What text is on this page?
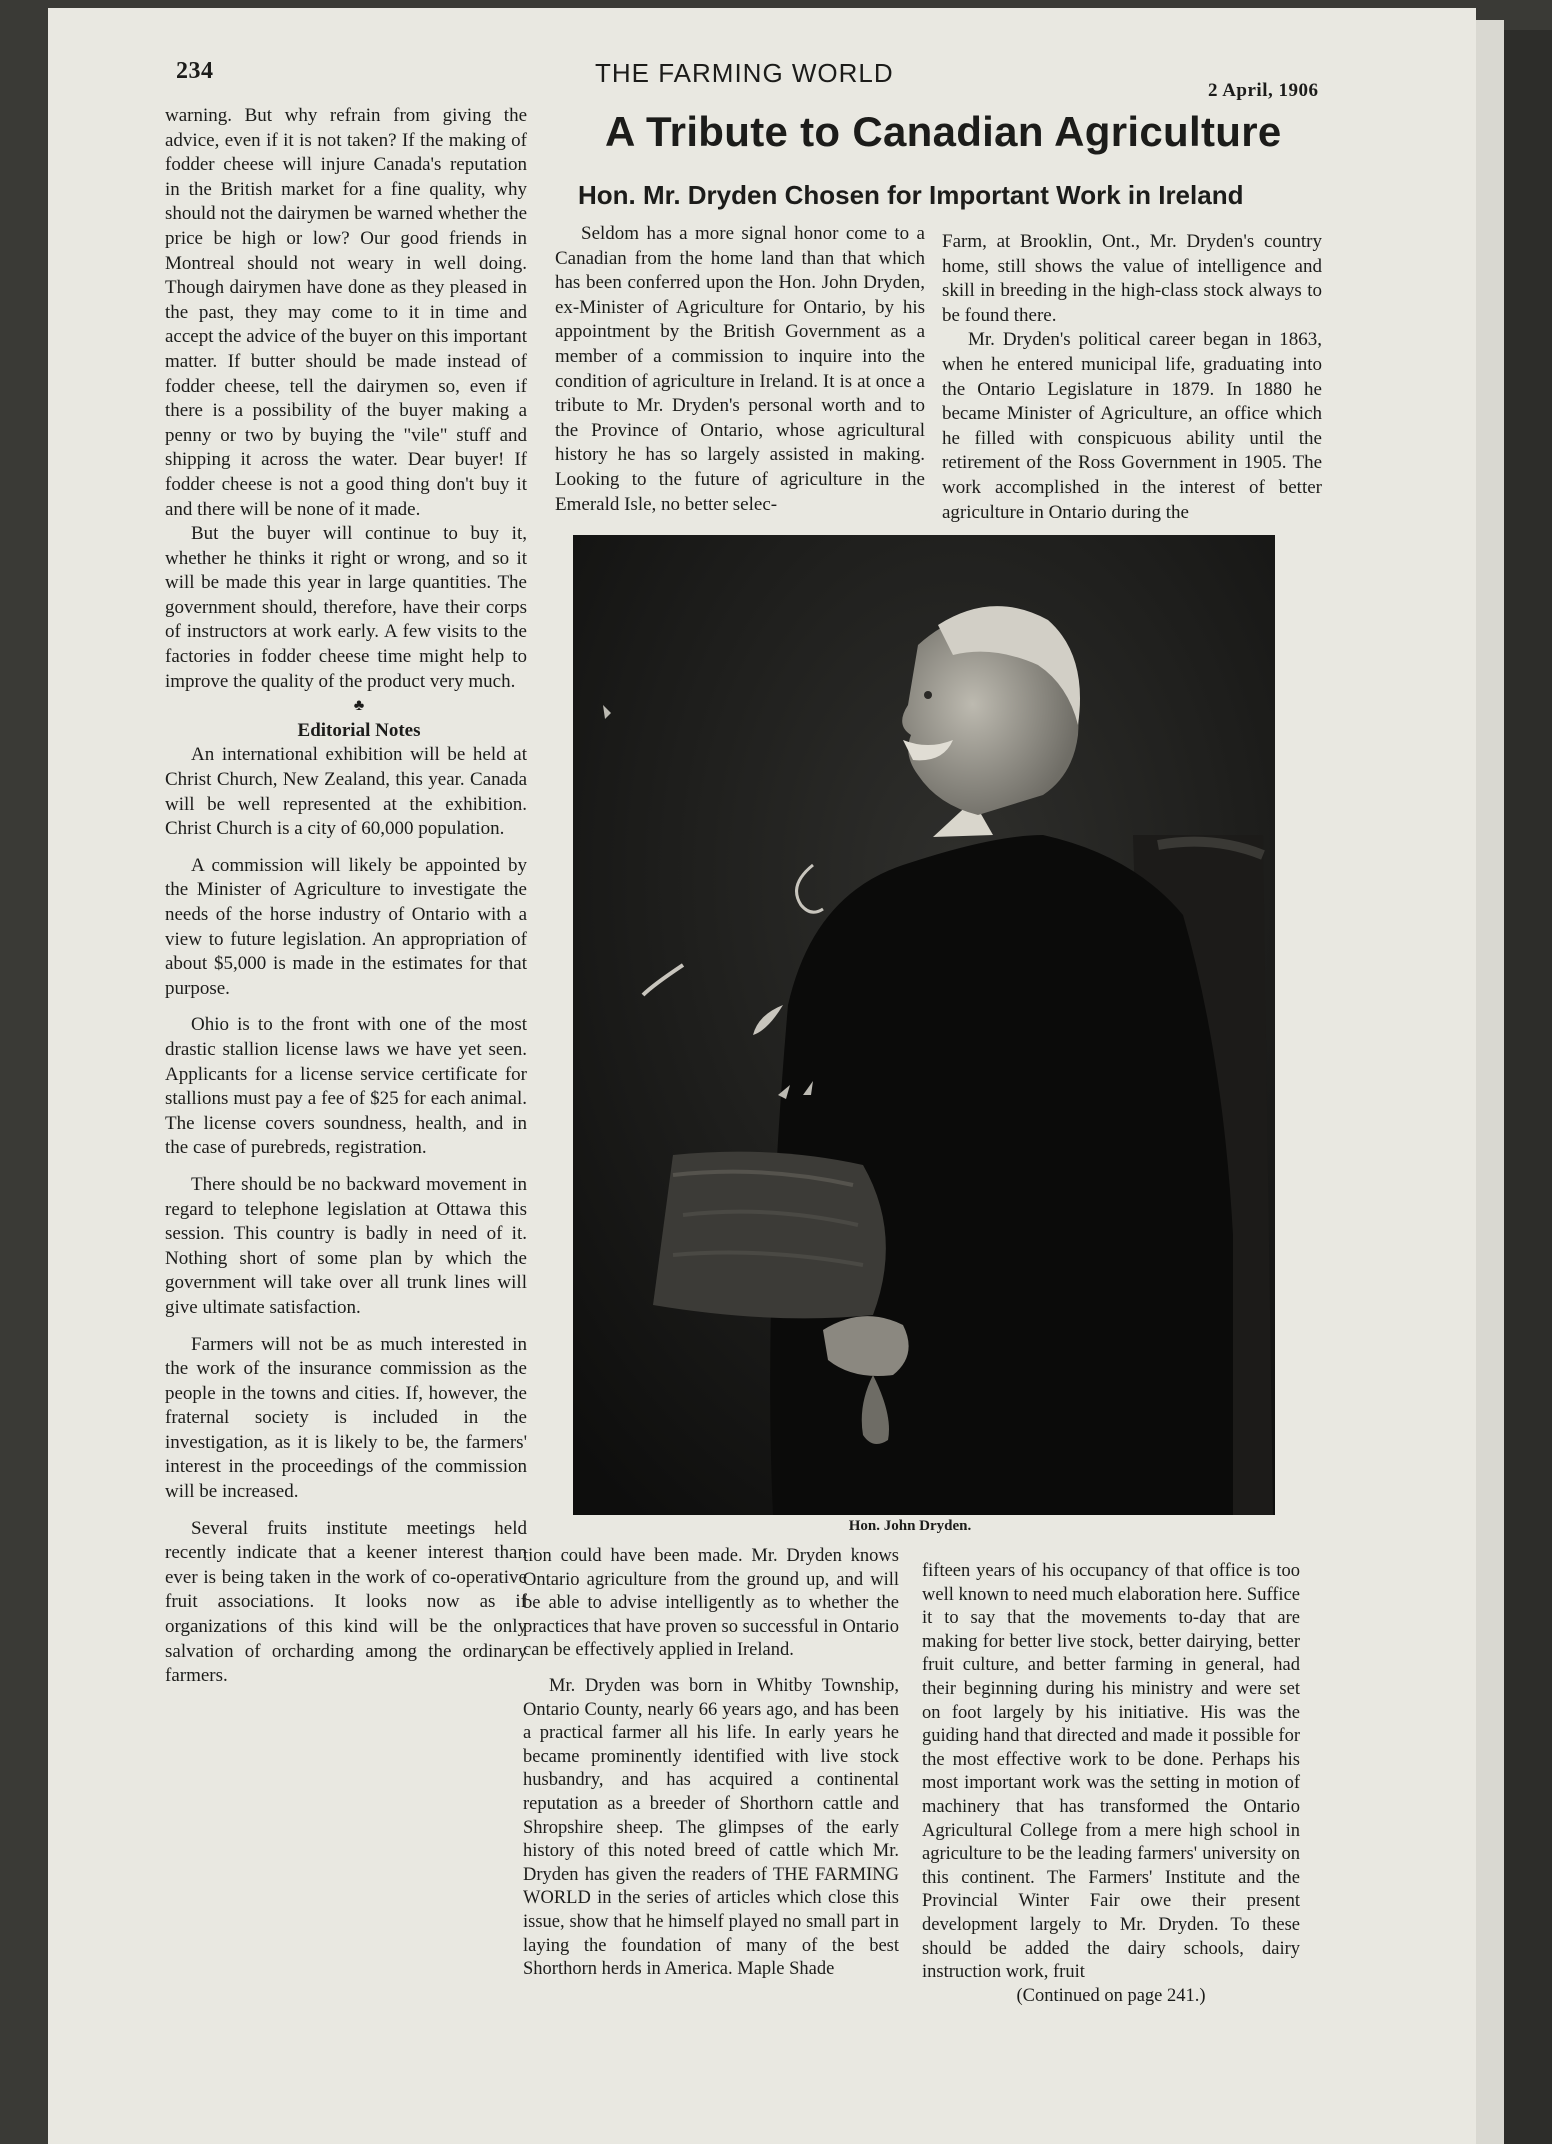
234	THE FARMING WORLD
2 April, 1906
A Tribute to Canadian Agriculture
Hon. Mr. Dryden Chosen for Important Work in Ireland

warning. But why refrain from giving the advice, even if it is not taken? If the making of fodder cheese will injure Canada's reputation in the British market for a fine quality, why should not the dairymen be warned whether the price be high or low? Our good friends in Montreal should not weary in well doing. Though dairymen have done as they pleased in the past, they may come to it in time and accept the advice of the buyer on this important matter. If butter should be made instead of fodder cheese, tell the dairymen so, even if there is a possibility of the buyer making a penny or two by buying the "vile" stuff and shipping it across the water. Dear buyer! If fodder cheese is not a good thing don't buy it and there will be none of it made.

But the buyer will continue to buy it, whether he thinks it right or wrong, and so it will be made this year in large quantities. The government should, therefore, have their corps of instructors at work early. A few visits to the factories in fodder cheese time might help to improve the quality of the product very much.

♣

Editorial Notes

An international exhibition will be held at Christ Church, New Zealand, this year. Canada will be well represented at the exhibition. Christ Church is a city of 60,000 population.

A commission will likely be appointed by the Minister of Agriculture to investigate the needs of the horse industry of Ontario with a view to future legislation. An appropriation of about $5,000 is made in the estimates for that purpose.

Ohio is to the front with one of the most drastic stallion license laws we have yet seen. Applicants for a license service certificate for stallions must pay a fee of $25 for each animal. The license covers soundness, health, and in the case of purebreds, registration.

There should be no backward movement in regard to telephone legislation at Ottawa this session. This country is badly in need of it. Nothing short of some plan by which the government will take over all trunk lines will give ultimate satisfaction.

Farmers will not be as much interested in the work of the insurance commission as the people in the towns and cities. If, however, the fraternal society is included in the investigation, as it is likely to be, the farmers' interest in the proceedings of the commission will be increased.

Several fruits institute meetings held recently indicate that a keener interest than ever is being taken in the work of co-operative fruit associations. It looks now as if organizations of this kind will be the only salvation of orcharding among the ordinary farmers.

Seldom has a more signal honor come to a Canadian from the home land than that which has been conferred upon the Hon. John Dryden, ex-Minister of Agriculture for Ontario, by his appointment by the British Government as a member of a commission to inquire into the condition of agriculture in Ireland. It is at once a tribute to Mr. Dryden's personal worth and to the Province of Ontario, whose agricultural history he has so largely assisted in making. Looking to the future of agriculture in the Emerald Isle, no better selec-

Farm, at Brooklin, Ont., Mr. Dryden's country home, still shows the value of intelligence and skill in breeding in the high-class stock always to be found there.

Mr. Dryden's political career began in 1863, when he entered municipal life, graduating into the Ontario Legislature in 1879. In 1880 he became Minister of Agriculture, an office which he filled with conspicuous ability until the retirement of the Ross Government in 1905. The work accomplished in the interest of better agriculture in Ontario during the

Hon. John Dryden.

tion could have been made. Mr. Dryden knows Ontario agriculture from the ground up, and will be able to advise intelligently as to whether the practices that have proven so successful in Ontario can be effectively applied in Ireland.

Mr. Dryden was born in Whitby Township, Ontario County, nearly 66 years ago, and has been a practical farmer all his life. In early years he became prominently identified with live stock husbandry, and has acquired a continental reputation as a breeder of Shorthorn cattle and Shropshire sheep. The glimpses of the early history of this noted breed of cattle which Mr. Dryden has given the readers of THE FARMING WORLD in the series of articles which close this issue, show that he himself played no small part in laying the foundation of many of the best Shorthorn herds in America. Maple Shade

fifteen years of his occupancy of that office is too well known to need much elaboration here. Suffice it to say that the movements to-day that are making for better live stock, better dairying, better fruit culture, and better farming in general, had their beginning during his ministry and were set on foot largely by his initiative. His was the guiding hand that directed and made it possible for the most effective work to be done. Perhaps his most important work was the setting in motion of machinery that has transformed the Ontario Agricultural College from a mere high school in agriculture to be the leading farmers' university on this continent. The Farmers' Institute and the Provincial Winter Fair owe their present development largely to Mr. Dryden. To these should be added the dairy schools, dairy instruction work, fruit

(Continued on page 241.)
